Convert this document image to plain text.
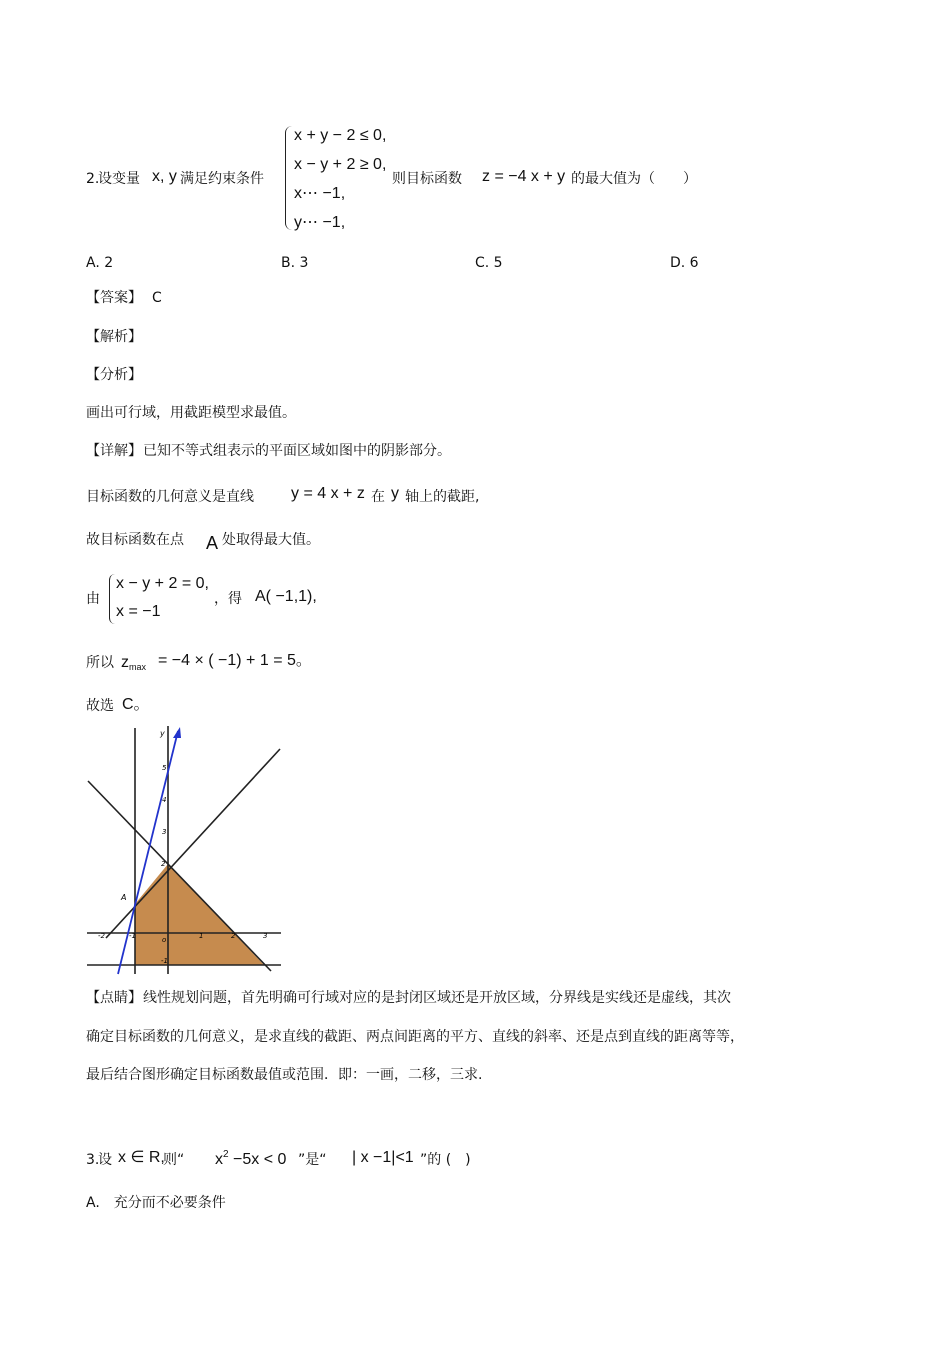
2.
设变量 x, y 满足约束条件
x + y − 2 ≤ 0,
x − y + 2 ≥ 0,
x⋯ −1,
y⋯ −1,
则目标函数 z = −4 x + y 的最大值为（　　）
A. 2	B. 3	C. 5	D. 6
【答案】 C
【解析】
【分析】
画出可行域，用截距模型求最值。
【详解】 已知不等式组表示的平面区域如图中的阴影部分。
目标函数的几何意义是直线 y = 4 x + z 在 y 轴上的截距,
故目标函数在点 A 处取得最大值。
由
x − y + 2 = 0,
x = −1
，得 A( −1,1),
所以 $z_{max} = -4$ × ( −1) + 1 = 5。
故选 C。
y
o
A
-2	-1	1	2	3
-1
2
3
4
5
【点睛】 线性规划问题，首先明确可行域对应的是封闭区域还是开放区域，分界线是实线还是虚线，其次
确定目标函数的几何意义，是求直线的截距、两点间距离的平方、直线的斜率、还是点到直线的距离等等，
最后结合图形确定目标函数最值或范围．即：一画，二移，三求.
3.
设 x ∈ R,
则“ $x^2 -5x < 0$ ”是“ | x −1|<1 ”的 (　)
A.　充分而不必要条件
